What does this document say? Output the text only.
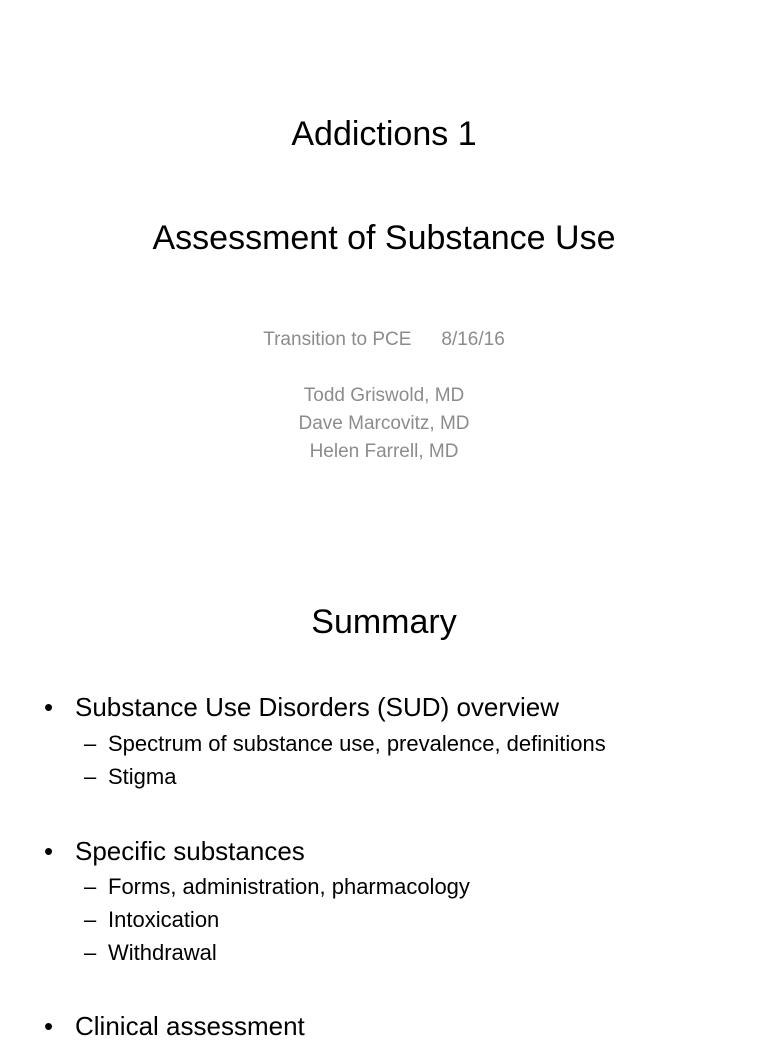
Addictions 1
Assessment of Substance Use
Transition to PCE 8/16/16
Todd Griswold, MD
Dave Marcovitz, MD
Helen Farrell, MD
Summary
• Substance Use Disorders (SUD) overview
– Spectrum of substance use, prevalence, definitions
– Stigma
• Specific substances
– Forms, administration, pharmacology
– Intoxication
– Withdrawal
• Clinical assessment
